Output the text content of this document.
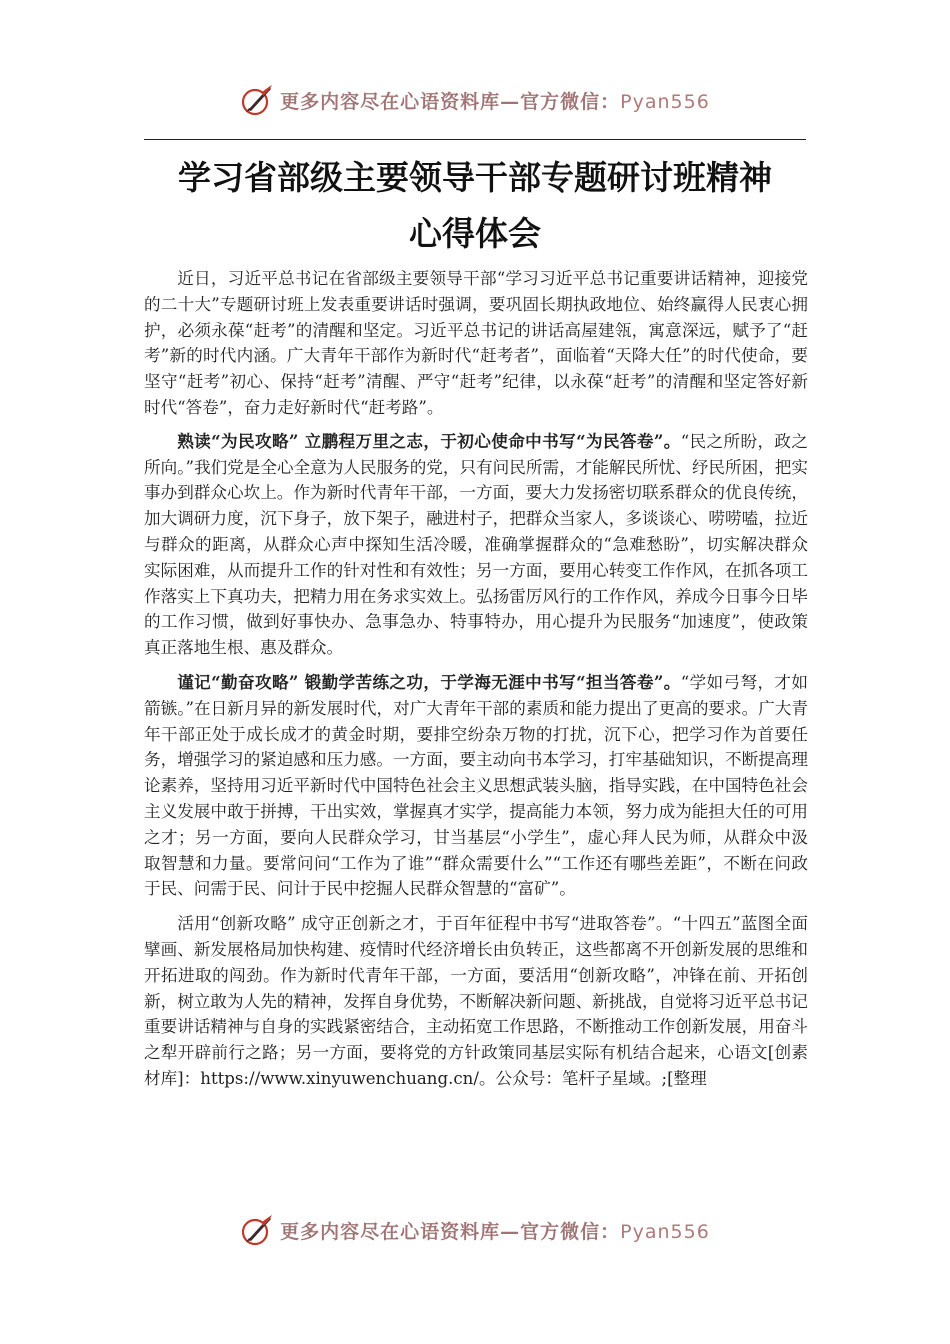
更多内容尽在心语资料库—官方微信：Pyan556
学习省部级主要领导干部专题研讨班精神
心得体会

近日，习近平总书记在省部级主要领导干部“学习习近平总书记重要讲话精神，迎接党的二十大”专题研讨班上发表重要讲话时强调，要巩固长期执政地位、始终赢得人民衷心拥护，必须永葆“赶考”的清醒和坚定。习近平总书记的讲话高屋建瓴，寓意深远，赋予了“赶考”新的时代内涵。广大青年干部作为新时代“赶考者”，面临着“天降大任”的时代使命，要坚守“赶考”初心、保持“赶考”清醒、严守“赶考”纪律，以永葆“赶考”的清醒和坚定答好新时代“答卷”，奋力走好新时代“赶考路”。

熟读“为民攻略” 立鹏程万里之志，于初心使命中书写“为民答卷”。“民之所盼，政之所向。”我们党是全心全意为人民服务的党，只有问民所需，才能解民所忧、纾民所困，把实事办到群众心坎上。作为新时代青年干部，一方面，要大力发扬密切联系群众的优良传统，加大调研力度，沉下身子，放下架子，融进村子，把群众当家人，多谈谈心、唠唠嗑，拉近与群众的距离，从群众心声中探知生活冷暖，准确掌握群众的“急难愁盼”，切实解决群众实际困难，从而提升工作的针对性和有效性；另一方面，要用心转变工作作风，在抓各项工作落实上下真功夫，把精力用在务求实效上。弘扬雷厉风行的工作作风，养成今日事今日毕的工作习惯，做到好事快办、急事急办、特事特办，用心提升为民服务“加速度”，使政策真正落地生根、惠及群众。

谨记“勤奋攻略” 锻勤学苦练之功，于学海无涯中书写“担当答卷”。“学如弓弩，才如箭镞。”在日新月异的新发展时代，对广大青年干部的素质和能力提出了更高的要求。广大青年干部正处于成长成才的黄金时期，要排空纷杂万物的打扰，沉下心，把学习作为首要任务，增强学习的紧迫感和压力感。一方面，要主动向书本学习，打牢基础知识，不断提高理论素养，坚持用习近平新时代中国特色社会主义思想武装头脑，指导实践，在中国特色社会主义发展中敢于拼搏，干出实效，掌握真才实学，提高能力本领，努力成为能担大任的可用之才；另一方面，要向人民群众学习，甘当基层“小学生”，虚心拜人民为师，从群众中汲取智慧和力量。要常问问“工作为了谁”“群众需要什么”“工作还有哪些差距”，不断在问政于民、问需于民、问计于民中挖掘人民群众智慧的“富矿”。

活用“创新攻略” 成守正创新之才，于百年征程中书写“进取答卷”。“十四五”蓝图全面擘画、新发展格局加快构建、疫情时代经济增长由负转正，这些都离不开创新发展的思维和开拓进取的闯劲。作为新时代青年干部，一方面，要活用“创新攻略”，冲锋在前、开拓创新，树立敢为人先的精神，发挥自身优势，不断解决新问题、新挑战，自觉将习近平总书记重要讲话精神与自身的实践紧密结合，主动拓宽工作思路，不断推动工作创新发展，用奋斗之犁开辟前行之路；另一方面，要将党的方针政策同基层实际有机结合起来，心语文[创素材库]：https://www.xinyuwenchuang.cn/。公众号：笔杆子星域。;[整理

更多内容尽在心语资料库—官方微信：Pyan556
